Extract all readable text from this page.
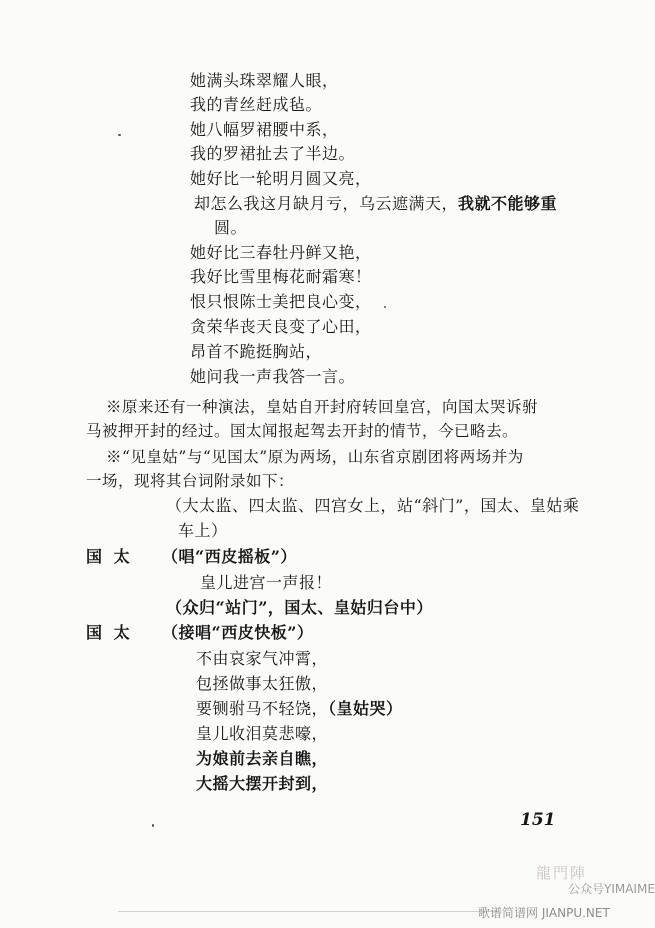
她满头珠翠耀人眼，
我的青丝赶成毡。
她八幅罗裙腰中系，
我的罗裙扯去了半边。
她好比一轮明月圆又亮，
却怎么我这月缺月亏，乌云遮满天，我就不能够重
圆。
她好比三春牡丹鲜又艳，
我好比雪里梅花耐霜寒！
恨只恨陈士美把良心变，
贪荣华丧天良变了心田，
昂首不跪挺胸站，
她问我一声我答一言。
※原来还有一种演法，皇姑自开封府转回皇宫，向国太哭诉驸
马被押开封的经过。国太闻报起驾去开封的情节，今已略去。
※“见皇姑”与“见国太”原为两场，山东省京剧团将两场并为
一场，现将其台词附录如下：
（大太监、四太监、四宫女上，站“斜门”，国太、皇姑乘
车上）
国 太 （唱“西皮摇板”）
皇儿进宫一声报！
（众归“站门”，国太、皇姑归台中）
国 太 （接唱“西皮快板”）
不由哀家气冲霄，
包拯做事太狂傲，
要铡驸马不轻饶，（皇姑哭）
皇儿收泪莫悲嚎，
为娘前去亲自瞧，
大摇大摆开封到，
151
龍門陣
公众号YIMAIME
歌谱简谱网 JIANPU.NET
